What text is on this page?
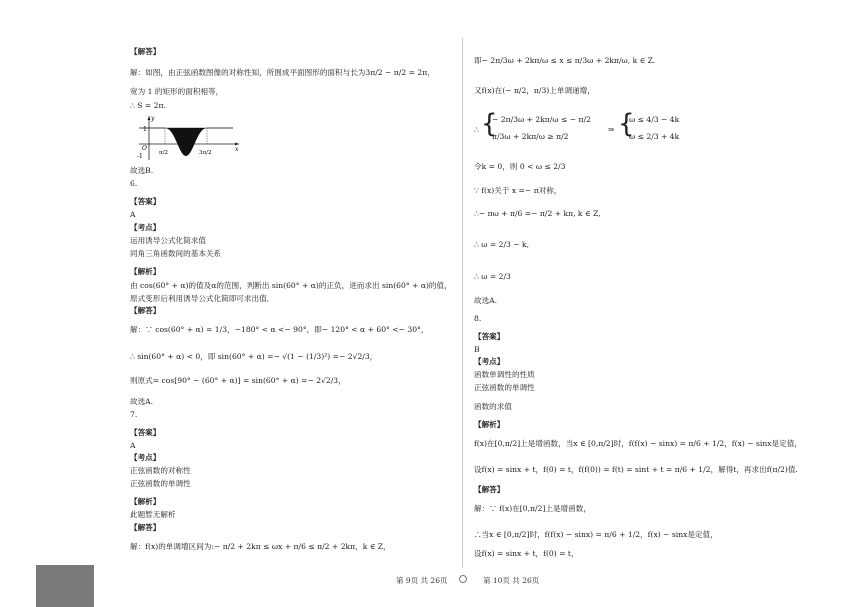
【解答】
解：如图，由正弦函数图像的对称性知，所围成平面图形的面积与长为3π/2 − π/2 = 2π，
宽为 1 的矩形的面积相等，
∴ S = 2π.
1
-1
O	x
y
π/2	3π/2
故选B.
6.
【答案】
A
【考点】
运用诱导公式化简求值
同角三角函数间的基本关系
【解析】
由 cos(60° + α)的值及α的范围，判断出 sin(60° + α)的正负，进而求出 sin(60° + α)的值，
原式变形后利用诱导公式化简即可求出值．
【解答】
解：∵ cos(60° + α) = 1/3，−180° < α <− 90°，即− 120° < α + 60° <− 30°，
∴ sin(60° + α) < 0，即 sin(60° + α) =− √(1 − (1/3)²) =− 2√2/3，
则原式= cos[90° − (60° + α)] = sin(60° + α) =− 2√2/3，
故选A.
7.
【答案】
A
【考点】
正弦函数的对称性
正弦函数的单调性
【解析】
此题暂无解析
【解答】
解：f(x)的单调增区间为:− π/2 + 2kπ ≤ ωx + π/6 ≤ π/2 + 2kπ，k ∈ Z，
即− 2π/3ω + 2kπ/ω ≤ x ≤ π/3ω + 2kπ/ω, k ∈ Z.
又f(x)在(− π/2，π/3)上单调递增，
∴ {
− 2π/3ω + 2kπ/ω ≤ − π/2
π/3ω + 2kπ/ω ≥ π/2
⇒ {
ω ≤ 4/3 − 4k
ω ≤ 2/3 + 4k
令k = 0，则 0 < ω ≤ 2/3
∵ f(x)关于 x =− π对称，
∴− πω + π/6 =− π/2 + kπ, k ∈ Z,
∴ ω = 2/3 − k,
∴ ω = 2/3
故选A.
8.
【答案】
B
【考点】
函数单调性的性质
正弦函数的单调性
函数的求值
【解析】
f(x)在[0,π/2]上是增函数，当x ∈ [0,π/2]时，f(f(x) − sinx) = π/6 + 1/2，f(x) − sinx是定值，
设f(x) = sinx + t，f(0) = t，f(f(0)) = f(t) = sint + t = π/6 + 1/2，解得t，再求出f(π/2)值.
【解答】
解：∵ f(x)在[0,π/2]上是增函数，
∴当x ∈ [0,π/2]时，f(f(x) − sinx) = π/6 + 1/2，f(x) − sinx是定值，
设f(x) = sinx + t，f(0) = t，
第 9页 共 26页	第 10页 共 26页
